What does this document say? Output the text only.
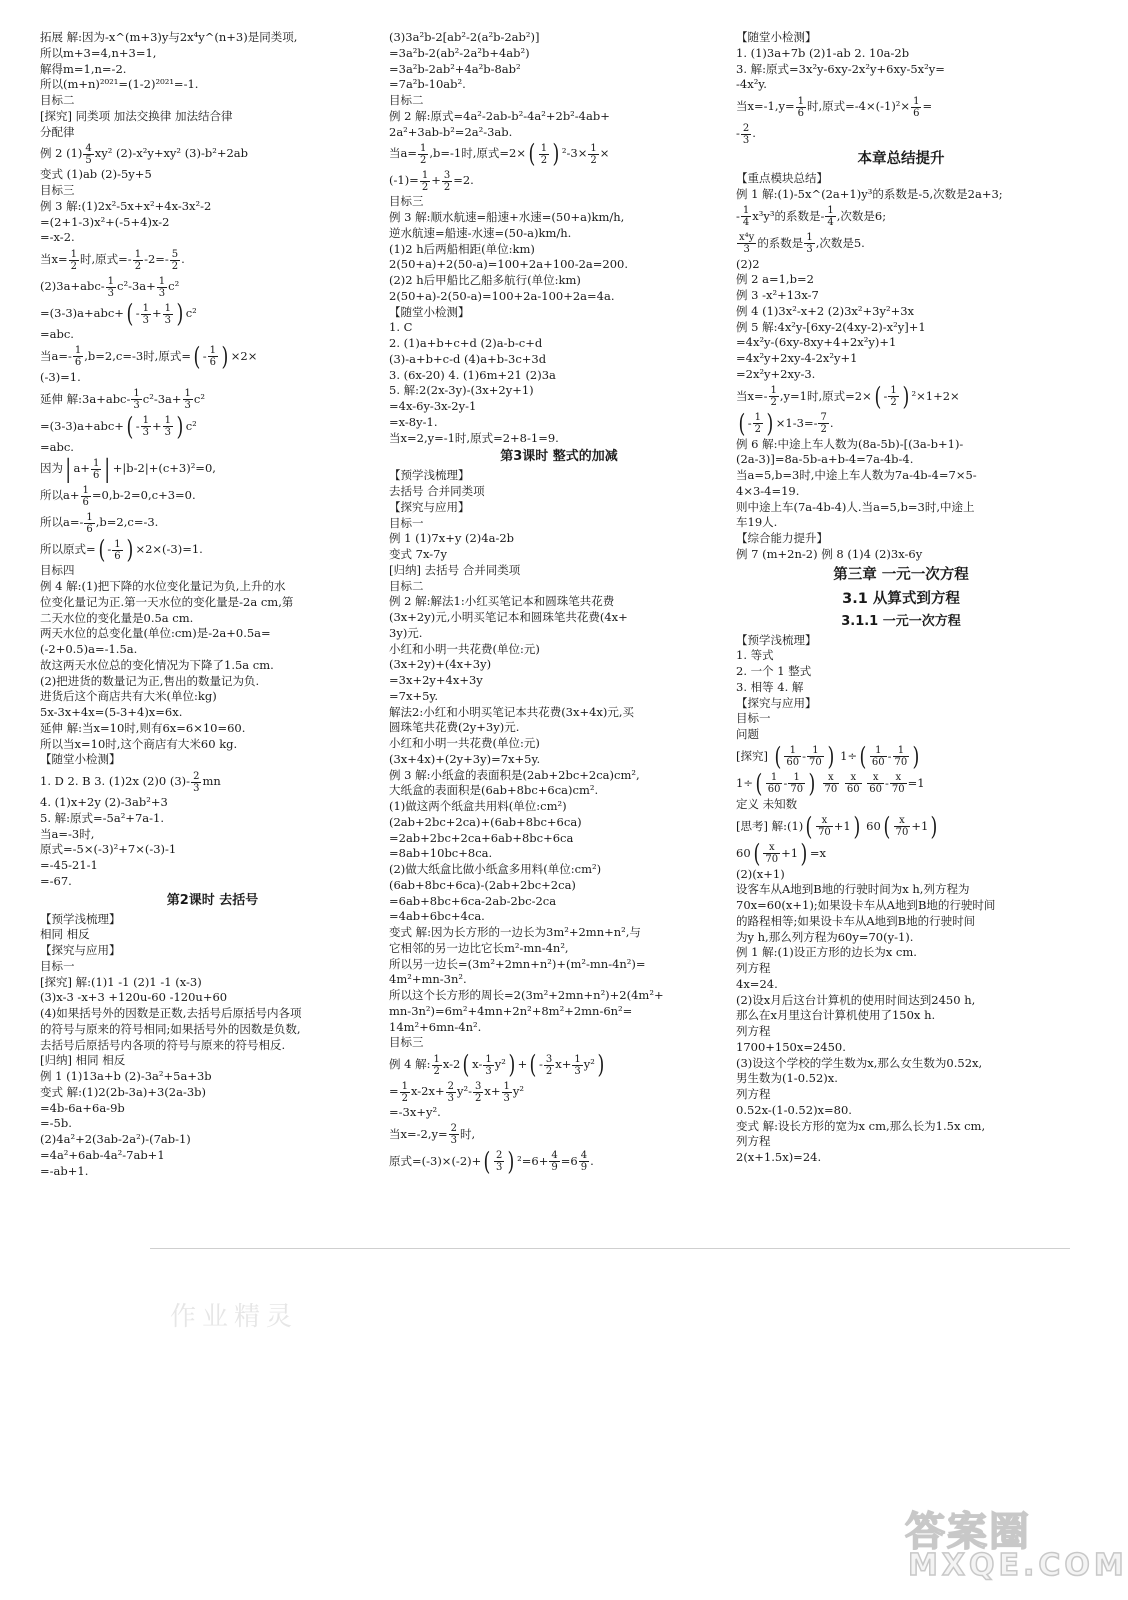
拓展 解:因为-x^(m+3)y与2x⁴y^(n+3)是同类项,
所以m+3=4,n+3=1,
解得m=1,n=-2.
所以(m+n)²⁰²¹=(1-2)²⁰²¹=-1.
目标二
[探究] 同类项 加法交换律 加法结合律
分配律
例 2 $(1) \frac{4}{5} xy^2$ (2)-x²y+xy² (3)-b²+2ab
变式 (1)ab (2)-5y+5
目标三
例 3 解:(1)2x²-5x+x²+4x-3x²-2
=(2+1-3)x²+(-5+4)x-2
=-x-2.
当$x= \frac{1}{2}$ 时,原式=- $\frac{1}{2} -2=- \frac{5}{2}$ .
$(2)3a+abc- \frac{1}{3} c^2-3a+ \frac{1}{3} c^2$
$=(3-3)a+abc+( - \frac{1}{3} + \frac{1}{3}$ ) c²
=abc.
当$a=- \frac{1}{6} ,b=2,c=-3$时,原式=( - $\frac{1}{6}$ ) ×2×
(-3)=1.
延伸 解:3a+abc- $\frac{1}{3} c^2-3a+ \frac{1}{3} c^2$
$=(3-3)a+abc+( - \frac{1}{3} + \frac{1}{3}$ ) c²
=abc.
因为| $a+ \frac{1}{6}$ | +|b-2|+(c+3)²=0,
所以$a+ \frac{1}{6} =0,b-2=0,c+3=0$.
所以$a=- \frac{1}{6} ,b=2,c=-3$.
所以原式=( - $\frac{1}{6}$ ) ×2×(-3)=1.
目标四
例 4 解:(1)把下降的水位变化量记为负,上升的水
位变化量记为正.第一天水位的变化量是-2a cm,第
二天水位的变化量是0.5a cm.
两天水位的总变化量(单位:cm)是-2a+0.5a=
(-2+0.5)a=-1.5a.
故这两天水位总的变化情况为下降了1.5a cm.
(2)把进货的数量记为正,售出的数量记为负.
进货后这个商店共有大米(单位:kg)
5x-3x+4x=(5-3+4)x=6x.
延伸 解:当x=10时,则有6x=6×10=60.
所以当x=10时,这个商店有大米60 kg.
【随堂小检测】
1. D 2. B 3. (1)2x (2)0 $(3)- \frac{2}{3}$ mn
4. (1)x+2y (2)-3ab²+3
5. 解:原式=-5a²+7a-1.
当a=-3时,
原式=-5×(-3)²+7×(-3)-1
=-45-21-1
=-67.
第2课时 去括号
【预学浅梳理】
相同 相反
【探究与应用】
目标一
[探究] 解:(1)1 -1 (2)1 -1 (x-3)
(3)x-3 -x+3 +120u-60 -120u+60
(4)如果括号外的因数是正数,去括号后原括号内各项
的符号与原来的符号相同;如果括号外的因数是负数,
去括号后原括号内各项的符号与原来的符号相反.
[归纳] 相同 相反
例 1 (1)13a+b (2)-3a²+5a+3b
变式 解:(1)2(2b-3a)+3(2a-3b)
=4b-6a+6a-9b
=-5b.
(2)4a²+2(3ab-2a²)-(7ab-1)
=4a²+6ab-4a²-7ab+1
=-ab+1.
(3)3a²b-2[ab²-2(a²b-2ab²)]
=3a²b-2(ab²-2a²b+4ab²)
=3a²b-2ab²+4a²b-8ab²
=7a²b-10ab².
目标二
例 2 解:原式=4a²-2ab-b²-4a²+2b²-4ab+
2a²+3ab-b²=2a²-3ab.
当$a= \frac{1}{2} ,b=-1$时,原式$=2\times( \frac{1}{2}$ ) $^2-3\times \frac{1}{2}$ ×
$(-1)= \frac{1}{2} + \frac{3}{2} =2$.
目标三
例 3 解:顺水航速=船速+水速=(50+a)km/h,
逆水航速=船速-水速=(50-a)km/h.
(1)2 h后两船相距(单位:km)
2(50+a)+2(50-a)=100+2a+100-2a=200.
(2)2 h后甲船比乙船多航行(单位:km)
2(50+a)-2(50-a)=100+2a-100+2a=4a.
【随堂小检测】
1. C
2. (1)a+b+c+d (2)a-b-c+d
(3)-a+b+c-d (4)a+b-3c+3d
3. (6x-20) 4. (1)6m+21 (2)3a
5. 解:2(2x-3y)-(3x+2y+1)
=4x-6y-3x-2y-1
=x-8y-1.
当x=2,y=-1时,原式=2+8-1=9.
第3课时 整式的加减
【预学浅梳理】
去括号 合并同类项
【探究与应用】
目标一
例 1 (1)7x+y (2)4a-2b
变式 7x-7y
[归纳] 去括号 合并同类项
目标二
例 2 解:解法1:小红买笔记本和圆珠笔共花费
(3x+2y)元,小明买笔记本和圆珠笔共花费(4x+
3y)元.
小红和小明一共花费(单位:元)
(3x+2y)+(4x+3y)
=3x+2y+4x+3y
=7x+5y.
解法2:小红和小明买笔记本共花费(3x+4x)元,买
圆珠笔共花费(2y+3y)元.
小红和小明一共花费(单位:元)
(3x+4x)+(2y+3y)=7x+5y.
例 3 解:小纸盒的表面积是(2ab+2bc+2ca)cm²,
大纸盒的表面积是(6ab+8bc+6ca)cm².
(1)做这两个纸盒共用料(单位:cm²)
(2ab+2bc+2ca)+(6ab+8bc+6ca)
=2ab+2bc+2ca+6ab+8bc+6ca
=8ab+10bc+8ca.
(2)做大纸盒比做小纸盒多用料(单位:cm²)
(6ab+8bc+6ca)-(2ab+2bc+2ca)
=6ab+8bc+6ca-2ab-2bc-2ca
=4ab+6bc+4ca.
变式 解:因为长方形的一边长为3m²+2mn+n²,与
它相邻的另一边比它长m²-mn-4n²,
所以另一边长=(3m²+2mn+n²)+(m²-mn-4n²)=
4m²+mn-3n².
所以这个长方形的周长=2(3m²+2mn+n²)+2(4m²+
mn-3n²)=6m²+4mn+2n²+8m²+2mn-6n²=
14m²+6mn-4n².
目标三
例 4 解: $\frac{1}{2} x-2$( $x- \frac{1}{3} y^2$) +( - $\frac{3}{2} x+ \frac{1}{3} y^2$)
= $\frac{1}{2} x-2x+ \frac{2}{3} y^2- \frac{3}{2} x+ \frac{1}{3} y^2$
=-3x+y².
当$x=-2,y= \frac{2}{3}$ 时,
原式$=(-3)\times(-2)+( \frac{2}{3}$ ) $^2=6+ \frac{4}{9} =6 \frac{4}{9}$ .
【随堂小检测】
1. (1)3a+7b (2)1-ab 2. 10a-2b
3. 解:原式=3x²y-6xy-2x²y+6xy-5x²y=
-4x²y.
当$x=-1,y= \frac{1}{6}$ 时,原式$=-4\times(-1)^2\times \frac{1}{6}$ =
- $\frac{2}{3}$ .
本章总结提升
【重点模块总结】
例 1 解:(1)-5x^(2a+1)y³的系数是-5,次数是2a+3;
- $\frac{1}{4} x^3y^3$的系数是- $\frac{1}{4}$ ,次数是6;
$\frac{\text{x⁴y}}{3}$ 的系数是 $\frac{1}{3}$ ,次数是5.
(2)2
例 2 a=1,b=2
例 3 -x²+13x-7
例 4 (1)3x²-x+2 (2)3x²+3y²+3x
例 5 解:4x²y-[6xy-2(4xy-2)-x²y]+1
=4x²y-(6xy-8xy+4+2x²y)+1
=4x²y+2xy-4-2x²y+1
=2x²y+2xy-3.
当$x=- \frac{1}{2} ,y=1$时,原式$=2\times( - \frac{1}{2}$ ) ²×1+2×
( - $\frac{1}{2}$ ) $\times 1-3=- \frac{7}{2}$ .
例 6 解:中途上车人数为(8a-5b)-[(3a-b+1)-
(2a-3)]=8a-5b-a+b-4=7a-4b-4.
当a=5,b=3时,中途上车人数为7a-4b-4=7×5-
4×3-4=19.
则中途上车(7a-4b-4)人.当a=5,b=3时,中途上
车19人.
【综合能力提升】
例 7 (m+2n-2) 例 8 (1)4 (2)3x-6y
第三章 一元一次方程
3.1 从算式到方程
3.1.1 一元一次方程
【预学浅梳理】
1. 等式
2. 一个 1 整式
3. 相等 4. 解
【探究与应用】
目标一
问题
[探究] ( $\frac{1}{60} - \frac{1}{70}$ ) $1\div( \frac{1}{60} - \frac{1}{70}$ )
$1\div( \frac{1}{60} - \frac{1}{70}$ ) $\frac{x}{70}$
$\frac{x}{60}$
$\frac{x}{60} - \frac{x}{70} =1$
定义 未知数
[思考] 解:(1)( $\frac{x}{70} +1$) $60( \frac{x}{70} +1)$
$60( \frac{x}{70} +1) =x$
(2)(x+1)
设客车从A地到B地的行驶时间为x h,列方程为
70x=60(x+1);如果设卡车从A地到B地的行驶时间
的路程相等;如果设卡车从A地到B地的行驶时间
为y h,那么列方程为60y=70(y-1).
例 1 解:(1)设正方形的边长为x cm.
列方程
4x=24.
(2)设x月后这台计算机的使用时间达到2450 h,
那么在x月里这台计算机使用了150x h.
列方程
1700+150x=2450.
(3)设这个学校的学生数为x,那么女生数为0.52x,
男生数为(1-0.52)x.
列方程
0.52x-(1-0.52)x=80.
变式 解:设长方形的宽为x cm,那么长为1.5x cm,
列方程
2(x+1.5x)=24.
作业精灵
答案圈
MXQE.COM
